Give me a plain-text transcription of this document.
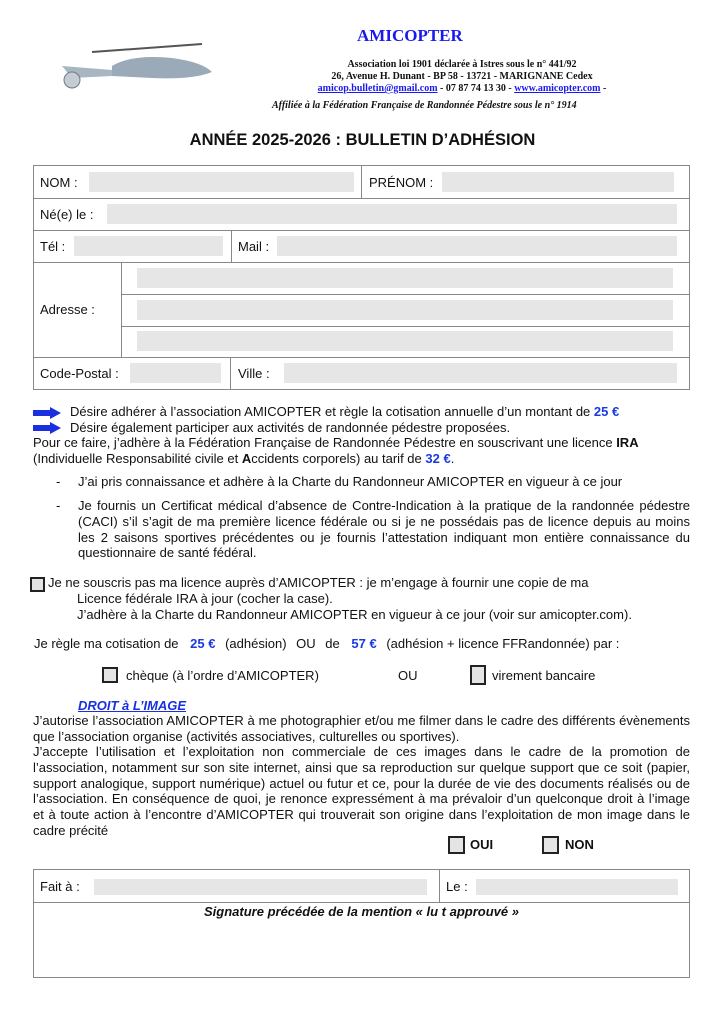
AMICOPTER
Association loi 1901 déclarée à Istres sous le n° 441/92
26, Avenue H. Dunant - BP 58 - 13721 - MARIGNANE Cedex
amicop.bulletin@gmail.com - 07 87 74 13 30 - www.amicopter.com -
Affiliée à la Fédération Française de Randonnée Pédestre sous le n° 1914
ANNÉE 2025-2026 : BULLETIN D’ADHÉSION
NOM :	PRÉNOM :
Né(e) le :
Tél :	Mail :
Adresse :
Code-Postal :	Ville :
Désire adhérer à l’association AMICOPTER et règle la cotisation annuelle d’un montant de 25 €
Désire également participer aux activités de randonnée pédestre proposées.
Pour ce faire, j’adhère à la Fédération Française de Randonnée Pédestre en souscrivant une licence IRA
(Individuelle Responsabilité civile et Accidents corporels) au tarif de 32 €.
- J’ai pris connaissance et adhère à la Charte du Randonneur AMICOPTER en vigueur à ce jour
- Je fournis un Certificat médical d’absence de Contre-Indication à la pratique de la randonnée pédestre (CACI) s’il s’agit de ma première licence fédérale ou si je ne possédais pas de licence depuis au moins les 2 saisons sportives précédentes ou je fournis l’attestation indiquant mon entière connaissance du questionnaire de santé fédéral.
Je ne souscris pas ma licence auprès d’AMICOPTER : je m’engage à fournir une copie de ma
Licence fédérale IRA à jour (cocher la case).
J’adhère à la Charte du Randonneur AMICOPTER en vigueur à ce jour (voir sur amicopter.com).
Je règle ma cotisation de 25 € (adhésion) OU de 57 € (adhésion + licence FFRandonnée) par :
chèque (à l’ordre d’AMICOPTER)	OU	virement bancaire
DROIT à L’IMAGE
J’autorise l’association AMICOPTER à me photographier et/ou me filmer dans le cadre des différents évènements que l’association organise (activités associatives, culturelles ou sportives).
J’accepte l’utilisation et l’exploitation non commerciale de ces images dans le cadre de la promotion de l’association, notamment sur son site internet, ainsi que sa reproduction sur quelque support que ce soit (papier, support analogique, support numérique) actuel ou futur et ce, pour la durée de vie des documents réalisés ou de l’association. En conséquence de quoi, je renonce expressément à ma prévaloir d’un quelconque droit à l’image et à toute action à l’encontre d’AMICOPTER qui trouverait son origine dans l’exploitation de mon image dans le cadre précité
OUI	NON
Fait à :	Le :
Signature précédée de la mention « lu t approuvé »
